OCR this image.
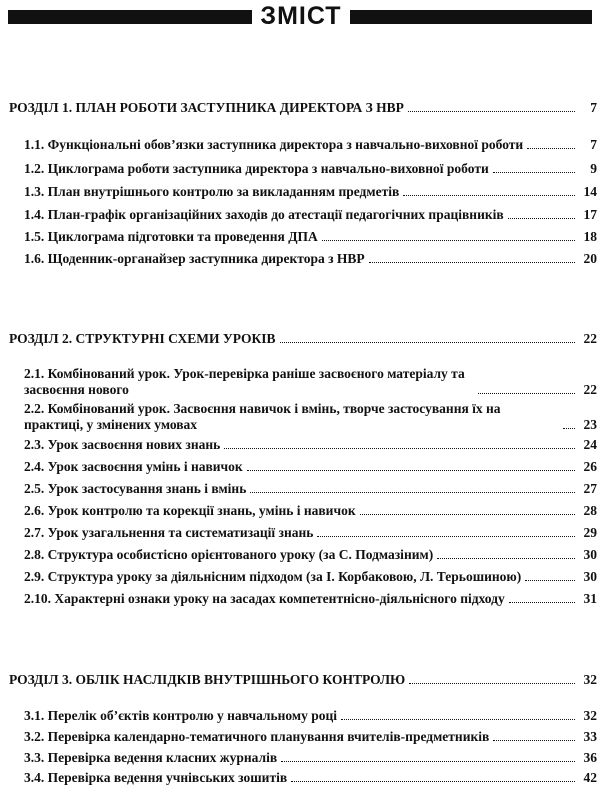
ЗМІСТ
РОЗДІЛ 1. ПЛАН РОБОТИ ЗАСТУПНИКА ДИРЕКТОРА З НВР	7
1.1. Функціональні обов’язки заступника директора з навчально-виховної роботи	7
1.2. Циклограма роботи заступника директора з навчально-виховної роботи	9
1.3. План внутрішнього контролю за викладанням предметів	14
1.4. План-графік організаційних заходів до атестації педагогічних працівників	17
1.5. Циклограма підготовки та проведення ДПА	18
1.6. Щоденник-органайзер заступника директора з НВР	20
РОЗДІЛ 2. СТРУКТУРНІ СХЕМИ УРОКІВ	22
2.1. Комбінований урок. Урок-перевірка раніше засвоєного матеріалу та засвоєння нового	22
2.2. Комбінований урок. Засвоєння навичок і вмінь, творче застосування їх на практиці, у змінених умовах	23
2.3. Урок засвоєння нових знань	24
2.4. Урок засвоєння умінь і навичок	26
2.5. Урок застосування знань і вмінь	27
2.6. Урок контролю та корекції знань, умінь і навичок	28
2.7. Урок узагальнення та систематизації знань	29
2.8. Структура особистісно орієнтованого уроку (за С. Подмазіним)	30
2.9. Структура уроку за діяльнісним підходом (за І. Корбаковою, Л. Терьошиною)	30
2.10. Характерні ознаки уроку на засадах компетентнісно-діяльнісного підходу	31
РОЗДІЛ 3. ОБЛІК НАСЛІДКІВ ВНУТРІШНЬОГО КОНТРОЛЮ	32
3.1. Перелік об’єктів контролю у навчальному році	32
3.2. Перевірка календарно-тематичного планування вчителів-предметників	33
3.3. Перевірка ведення класних журналів	36
3.4. Перевірка ведення учнівських зошитів	42
